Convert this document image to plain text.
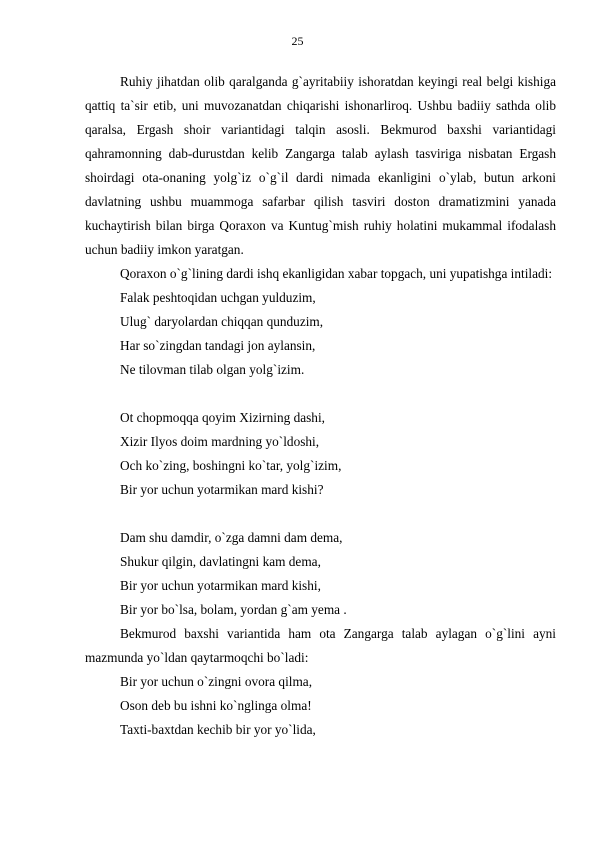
25

Ruhiy jihatdan olib qaralganda g`ayritabiiy ishoratdan keyingi real belgi kishiga qattiq ta`sir etib, uni muvozanatdan chiqarishi ishonarliroq. Ushbu badiiy sathda olib qaralsa, Ergash shoir variantidagi talqin asosli. Bekmurod baxshi variantidagi qahramonning dab-durustdan kelib Zangarga talab aylash tasviriga nisbatan Ergash shoirdagi ota-onaning yolg`iz o`g`il dardi nimada ekanligini o`ylab, butun arkoni davlatning ushbu muammoga safarbar qilish tasviri doston dramatizmini yanada kuchaytirish bilan birga Qoraxon va Kuntug`mish ruhiy holatini mukammal ifodalash uchun badiiy imkon yaratgan.

Qoraxon o`g`lining dardi ishq ekanligidan xabar topgach, uni yupatishga intiladi:

Falak peshtoqidan uchgan yulduzim,

Ulug` daryolardan chiqqan qunduzim,

Har so`zingdan tandagi jon aylansin,

Ne tilovman tilab olgan yolg`izim.

Ot chopmoqqa qoyim Xizirning dashi,

Xizir Ilyos doim mardning yo`ldoshi,

Och ko`zing, boshingni ko`tar, yolg`izim,

Bir yor uchun yotarmikan mard kishi?

Dam shu damdir, o`zga damni dam dema,

Shukur qilgin, davlatingni kam dema,

Bir yor uchun yotarmikan mard kishi,

Bir yor bo`lsa, bolam, yordan g`am yema .

Bekmurod baxshi variantida ham ota Zangarga talab aylagan o`g`lini ayni mazmunda yo`ldan qaytarmoqchi bo`ladi:

Bir yor uchun o`zingni ovora qilma,

Oson deb bu ishni ko`nglinga olma!

Taxti-baxtdan kechib bir yor yo`lida,
